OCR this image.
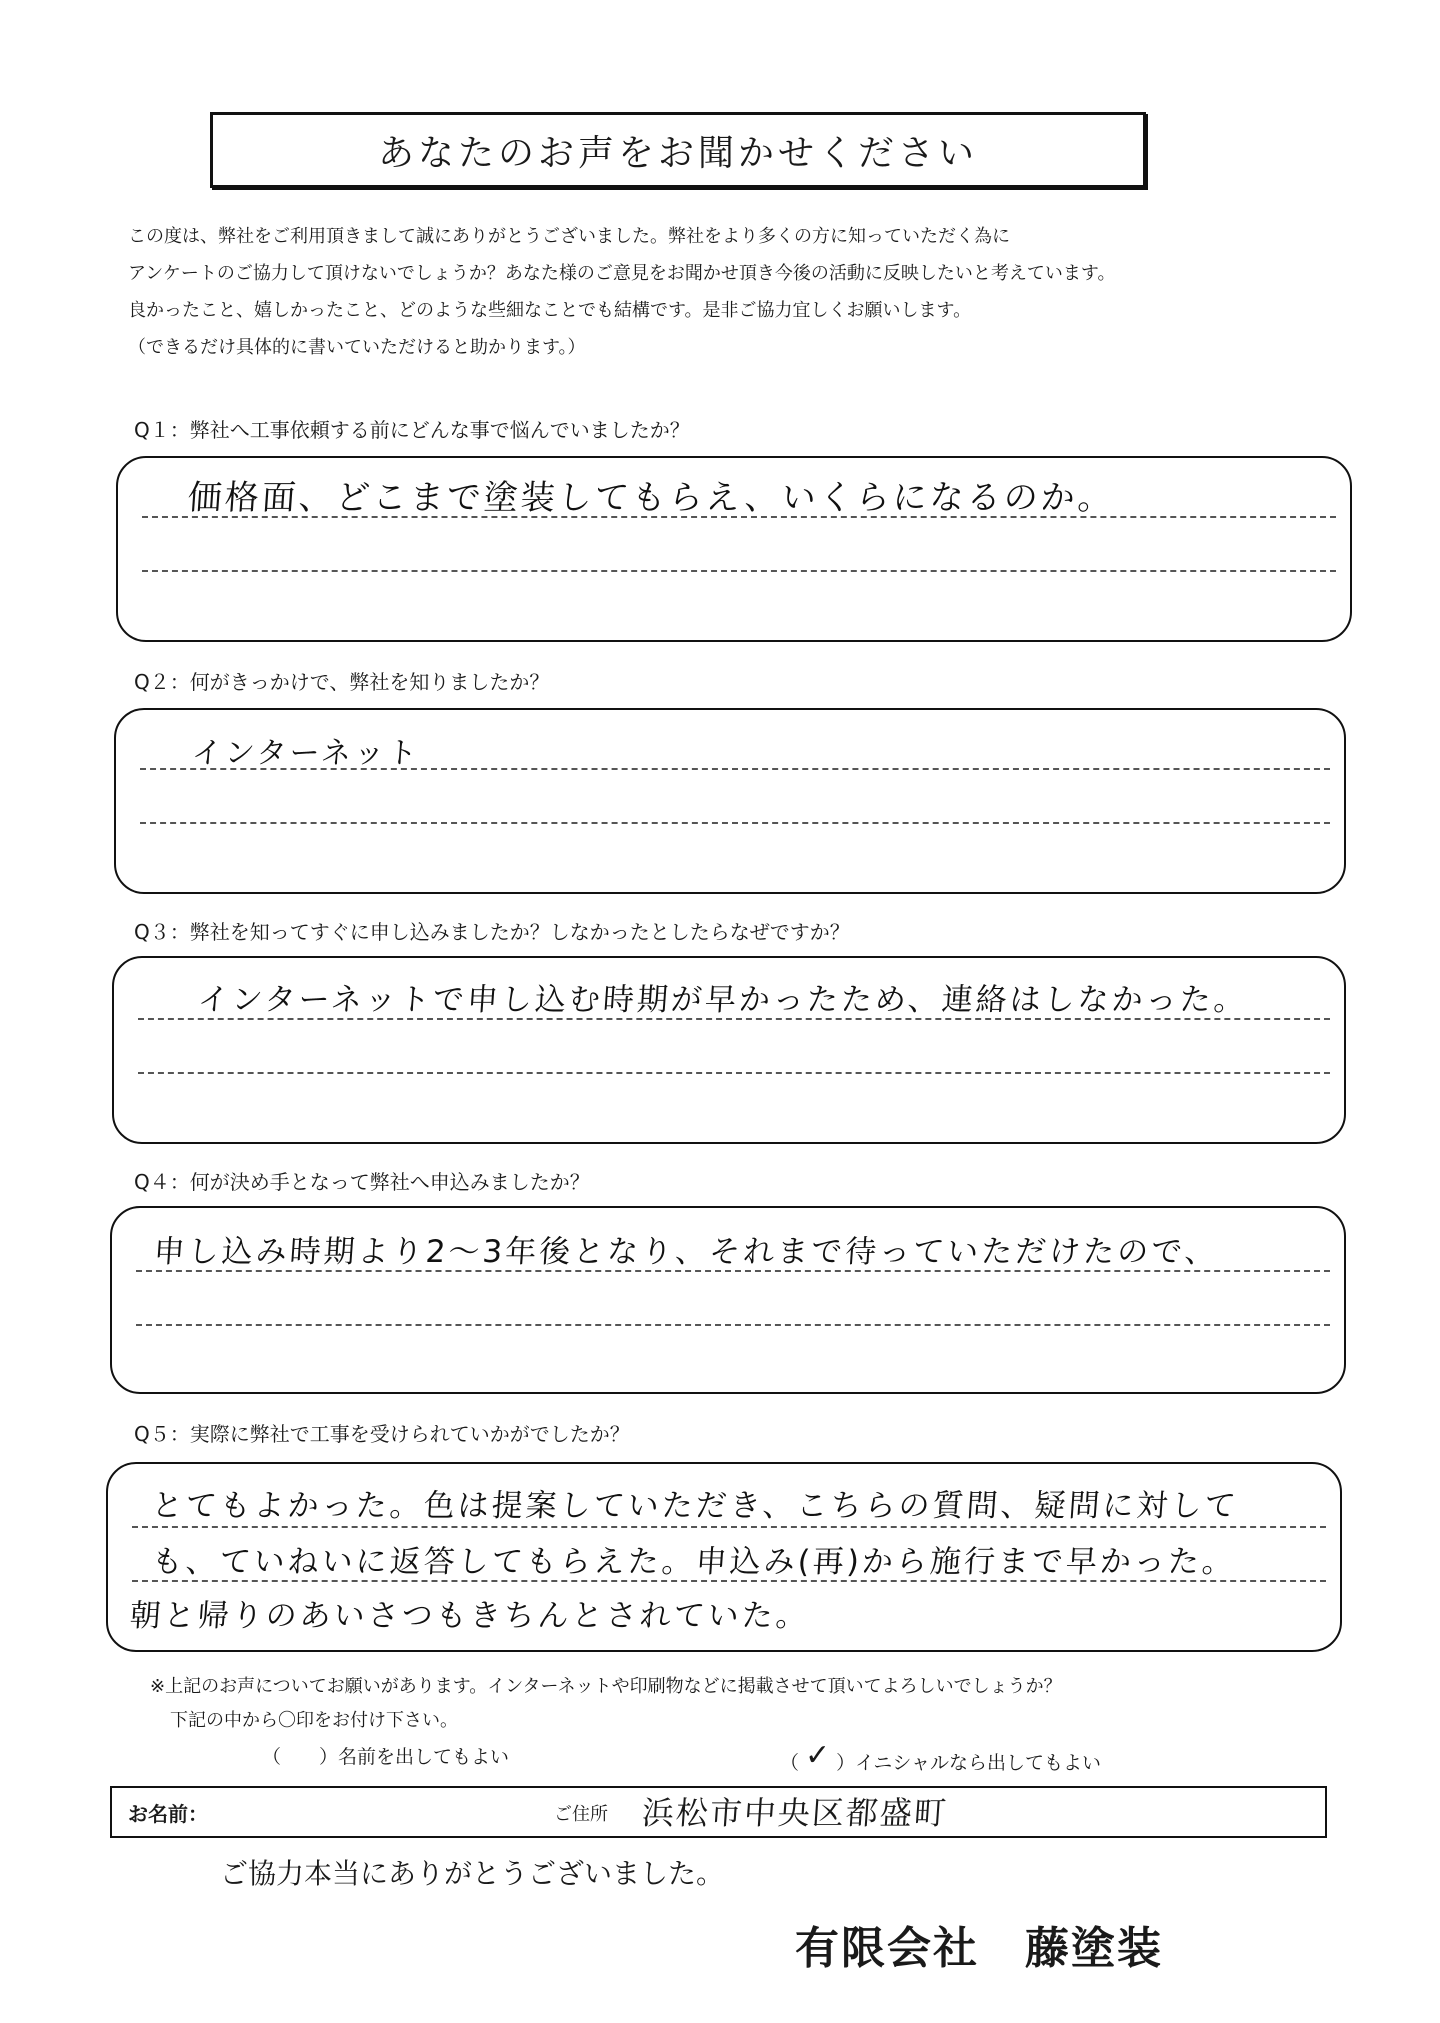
あなたのお声をお聞かせください

この度は、弊社をご利用頂きまして誠にありがとうございました。弊社をより多くの方に知っていただく為に

アンケートのご協力して頂けないでしょうか？あなた様のご意見をお聞かせ頂き今後の活動に反映したいと考えています。

良かったこと、嬉しかったこと、どのような些細なことでも結構です。是非ご協力宜しくお願いします。

（できるだけ具体的に書いていただけると助かります。）

Q１：弊社へ工事依頼する前にどんな事で悩んでいましたか？
価格面、どこまで塗装してもらえ、いくらになるのか。
Q２：何がきっかけで、弊社を知りましたか？
インターネット
Q３：弊社を知ってすぐに申し込みましたか？しなかったとしたらなぜですか？
インターネットで申し込む時期が早かったため、連絡はしなかった。
Q４：何が決め手となって弊社へ申込みましたか？
申し込み時期より2～3年後となり、それまで待っていただけたので、
Q５：実際に弊社で工事を受けられていかがでしたか？
とてもよかった。色は提案していただき、こちらの質問、疑問に対して
も、ていねいに返答してもらえた。申込み(再)から施行まで早かった。
朝と帰りのあいさつもきちんとされていた。
※上記のお声についてお願いがあります。インターネットや印刷物などに掲載させて頂いてよろしいでしょうか？
下記の中から〇印をお付け下さい。
（　　）名前を出してもよい	（ ✓ ）イニシャルなら出してもよい
お名前：	ご住所 浜松市中央区都盛町
ご協力本当にありがとうございました。
有限会社　藤塗装
